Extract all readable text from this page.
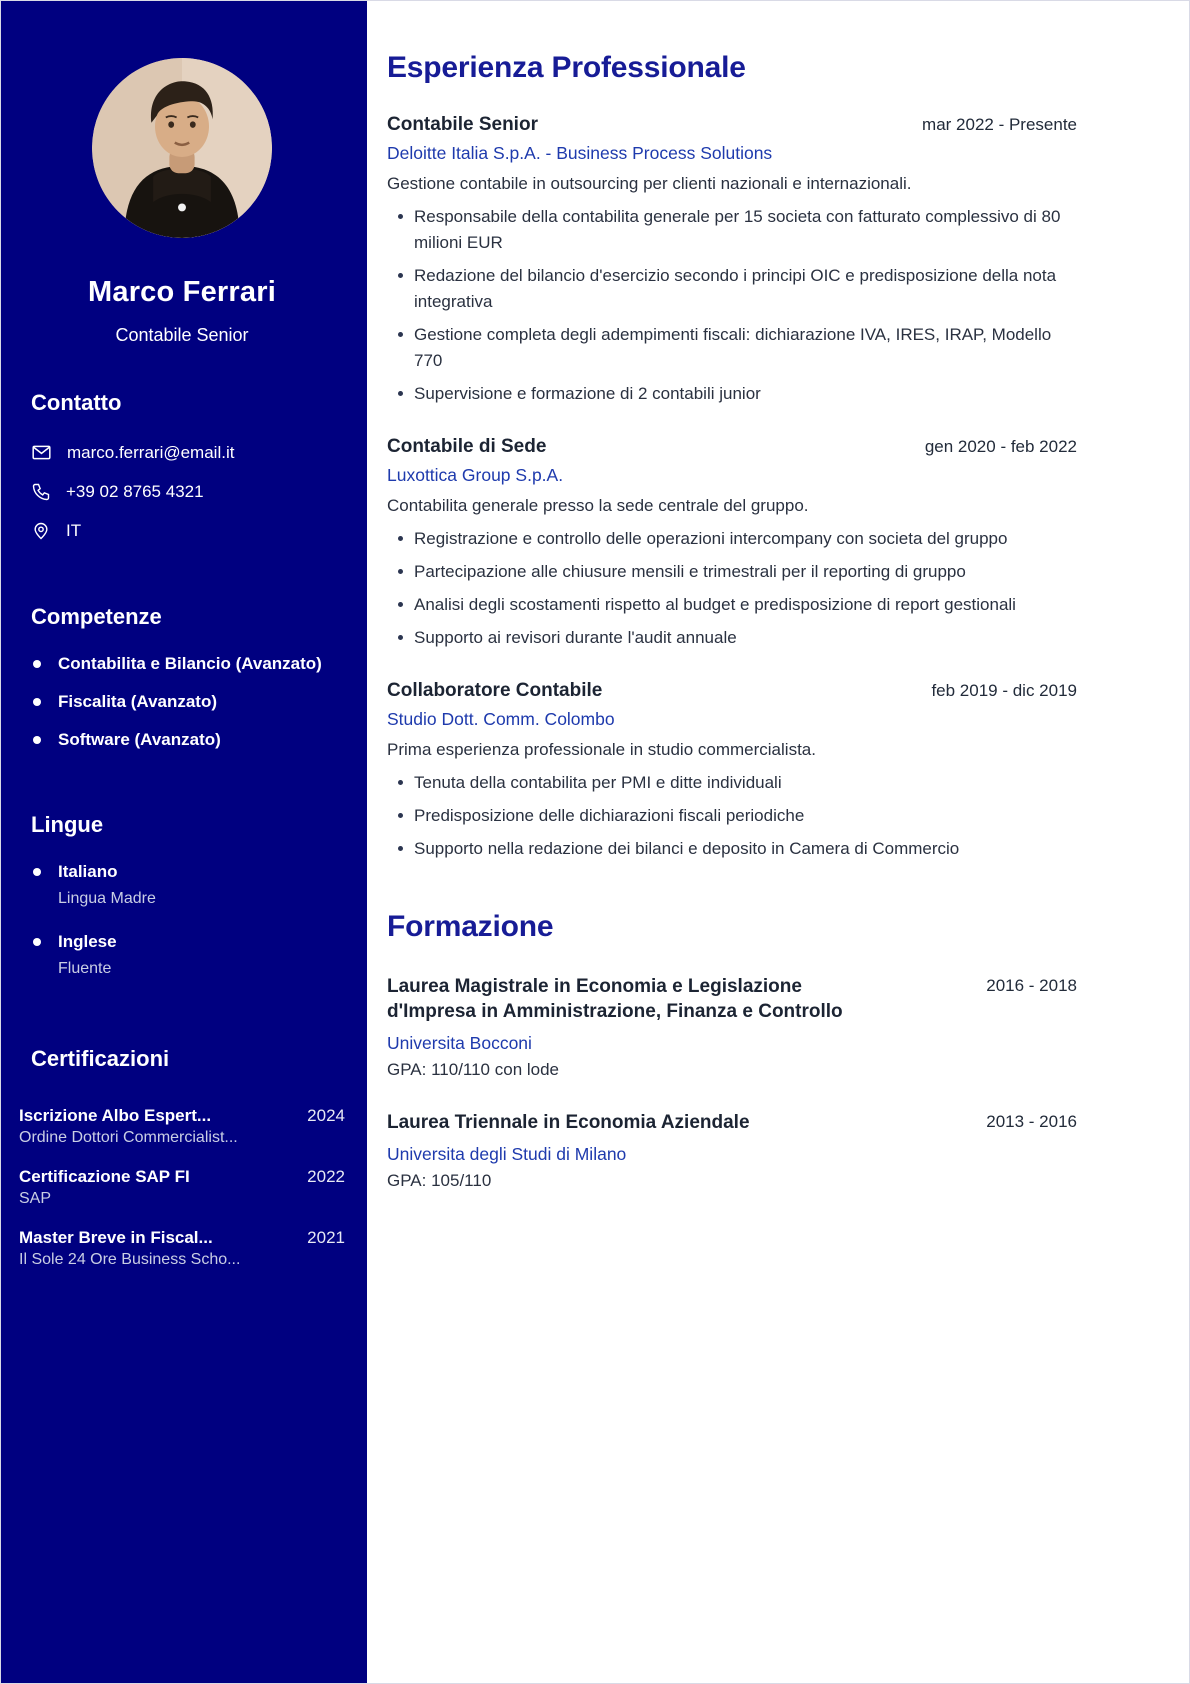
Marco Ferrari
Contabile Senior
Contatto
marco.ferrari@email.it
+39 02 8765 4321
IT
Competenze
Contabilita e Bilancio (Avanzato)
Fiscalita (Avanzato)
Software (Avanzato)
Lingue
Italiano
Lingua Madre
Inglese
Fluente
Certificazioni
Iscrizione Albo Espert...	2024
Ordine Dottori Commercialist...
Certificazione SAP FI	2022
SAP
Master Breve in Fiscal...	2021
Il Sole 24 Ore Business Scho...
Esperienza Professionale
Contabile Senior	mar 2022 - Presente
Deloitte Italia S.p.A. - Business Process Solutions
Gestione contabile in outsourcing per clienti nazionali e internazionali.
Responsabile della contabilita generale per 15 societa con fatturato complessivo di 80 milioni EUR
Redazione del bilancio d'esercizio secondo i principi OIC e predisposizione della nota integrativa
Gestione completa degli adempimenti fiscali: dichiarazione IVA, IRES, IRAP, Modello 770
Supervisione e formazione di 2 contabili junior
Contabile di Sede	gen 2020 - feb 2022
Luxottica Group S.p.A.
Contabilita generale presso la sede centrale del gruppo.
Registrazione e controllo delle operazioni intercompany con societa del gruppo
Partecipazione alle chiusure mensili e trimestrali per il reporting di gruppo
Analisi degli scostamenti rispetto al budget e predisposizione di report gestionali
Supporto ai revisori durante l'audit annuale
Collaboratore Contabile	feb 2019 - dic 2019
Studio Dott. Comm. Colombo
Prima esperienza professionale in studio commercialista.
Tenuta della contabilita per PMI e ditte individuali
Predisposizione delle dichiarazioni fiscali periodiche
Supporto nella redazione dei bilanci e deposito in Camera di Commercio
Formazione
Laurea Magistrale in Economia e Legislazione d'Impresa in Amministrazione, Finanza e Controllo
2016 - 2018
Universita Bocconi
GPA: 110/110 con lode
Laurea Triennale in Economia Aziendale	2013 - 2016
Universita degli Studi di Milano
GPA: 105/110
